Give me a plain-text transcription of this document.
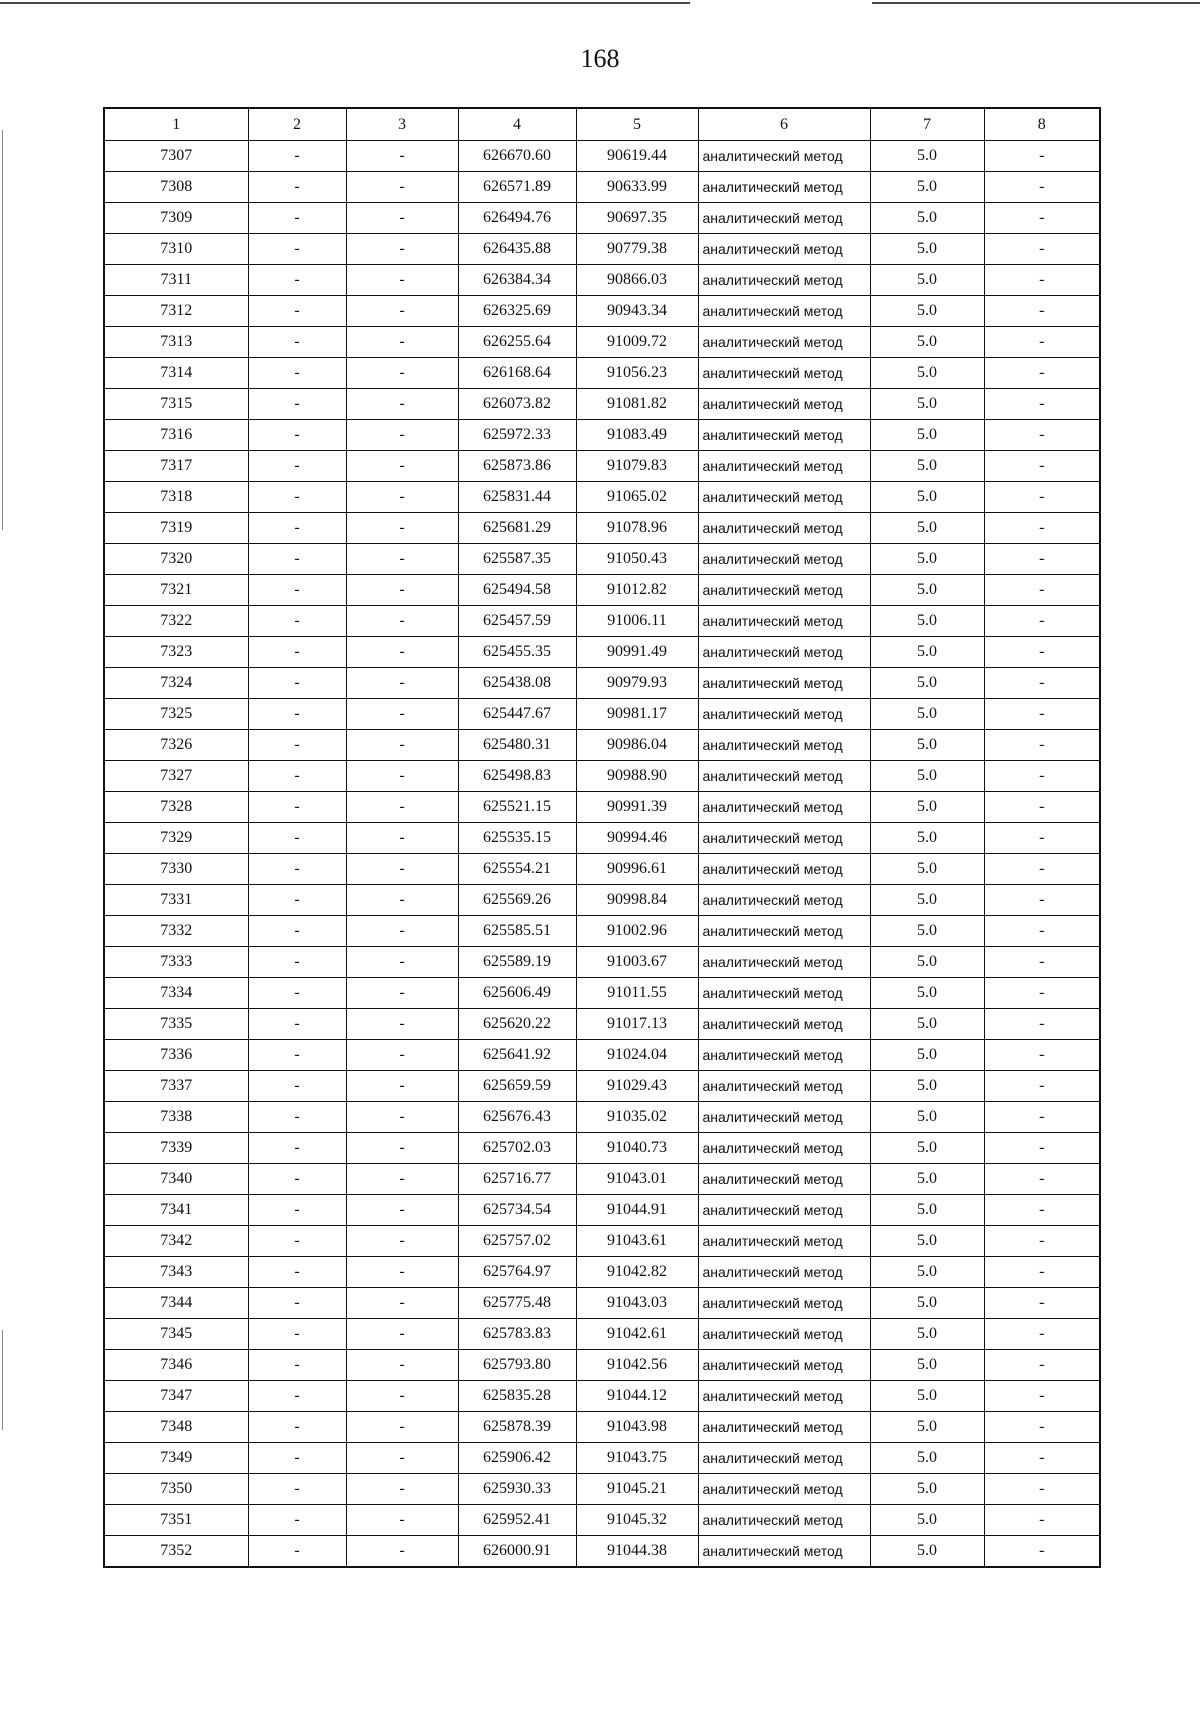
168
1	2	3	4	5	6	7	8
7307	-	-	626670.60	90619.44	аналитический метод	5.0	-
7308	-	-	626571.89	90633.99	аналитический метод	5.0	-
7309	-	-	626494.76	90697.35	аналитический метод	5.0	-
7310	-	-	626435.88	90779.38	аналитический метод	5.0	-
7311	-	-	626384.34	90866.03	аналитический метод	5.0	-
7312	-	-	626325.69	90943.34	аналитический метод	5.0	-
7313	-	-	626255.64	91009.72	аналитический метод	5.0	-
7314	-	-	626168.64	91056.23	аналитический метод	5.0	-
7315	-	-	626073.82	91081.82	аналитический метод	5.0	-
7316	-	-	625972.33	91083.49	аналитический метод	5.0	-
7317	-	-	625873.86	91079.83	аналитический метод	5.0	-
7318	-	-	625831.44	91065.02	аналитический метод	5.0	-
7319	-	-	625681.29	91078.96	аналитический метод	5.0	-
7320	-	-	625587.35	91050.43	аналитический метод	5.0	-
7321	-	-	625494.58	91012.82	аналитический метод	5.0	-
7322	-	-	625457.59	91006.11	аналитический метод	5.0	-
7323	-	-	625455.35	90991.49	аналитический метод	5.0	-
7324	-	-	625438.08	90979.93	аналитический метод	5.0	-
7325	-	-	625447.67	90981.17	аналитический метод	5.0	-
7326	-	-	625480.31	90986.04	аналитический метод	5.0	-
7327	-	-	625498.83	90988.90	аналитический метод	5.0	-
7328	-	-	625521.15	90991.39	аналитический метод	5.0	-
7329	-	-	625535.15	90994.46	аналитический метод	5.0	-
7330	-	-	625554.21	90996.61	аналитический метод	5.0	-
7331	-	-	625569.26	90998.84	аналитический метод	5.0	-
7332	-	-	625585.51	91002.96	аналитический метод	5.0	-
7333	-	-	625589.19	91003.67	аналитический метод	5.0	-
7334	-	-	625606.49	91011.55	аналитический метод	5.0	-
7335	-	-	625620.22	91017.13	аналитический метод	5.0	-
7336	-	-	625641.92	91024.04	аналитический метод	5.0	-
7337	-	-	625659.59	91029.43	аналитический метод	5.0	-
7338	-	-	625676.43	91035.02	аналитический метод	5.0	-
7339	-	-	625702.03	91040.73	аналитический метод	5.0	-
7340	-	-	625716.77	91043.01	аналитический метод	5.0	-
7341	-	-	625734.54	91044.91	аналитический метод	5.0	-
7342	-	-	625757.02	91043.61	аналитический метод	5.0	-
7343	-	-	625764.97	91042.82	аналитический метод	5.0	-
7344	-	-	625775.48	91043.03	аналитический метод	5.0	-
7345	-	-	625783.83	91042.61	аналитический метод	5.0	-
7346	-	-	625793.80	91042.56	аналитический метод	5.0	-
7347	-	-	625835.28	91044.12	аналитический метод	5.0	-
7348	-	-	625878.39	91043.98	аналитический метод	5.0	-
7349	-	-	625906.42	91043.75	аналитический метод	5.0	-
7350	-	-	625930.33	91045.21	аналитический метод	5.0	-
7351	-	-	625952.41	91045.32	аналитический метод	5.0	-
7352	-	-	626000.91	91044.38	аналитический метод	5.0	-
